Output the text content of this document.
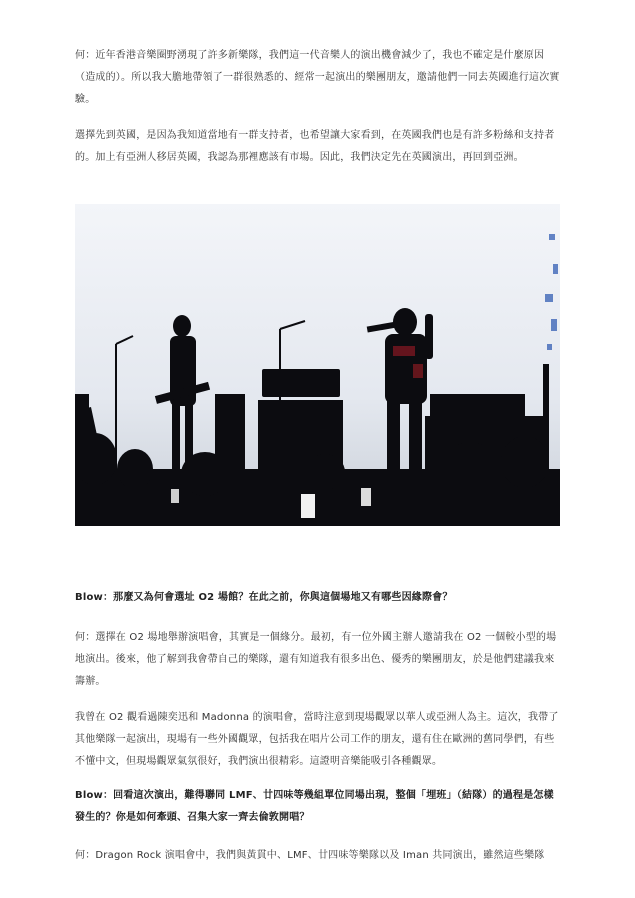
何：近年香港音樂圈野湧現了許多新樂隊，我們這一代音樂人的演出機會減少了，我也不確定是什麼原因（造成的）。所以我大膽地帶領了一群很熟悉的、經常一起演出的樂團朋友，邀請他們一同去英國進行這次實驗。

選擇先到英國，是因為我知道當地有一群支持者，也希望讓大家看到，在英國我們也是有許多粉絲和支持者的。加上有亞洲人移居英國，我認為那裡應該有市場。因此，我們決定先在英國演出，再回到亞洲。

Blow：那麼又為何會選址 O2 場館？在此之前，你與這個場地又有哪些因緣際會？

何：選擇在 O2 場地舉辦演唱會，其實是一個緣分。最初，有一位外國主辦人邀請我在 O2 一個較小型的場地演出。後來，他了解到我會帶自己的樂隊，還有知道我有很多出色、優秀的樂團朋友，於是他們建議我來籌辦。

我曾在 O2 觀看過陳奕迅和 Madonna 的演唱會，當時注意到現場觀眾以華人或亞洲人為主。這次，我帶了其他樂隊一起演出，現場有一些外國觀眾，包括我在唱片公司工作的朋友，還有住在歐洲的舊同學們，有些不懂中文，但現場觀眾氣氛很好，我們演出很精彩。這證明音樂能吸引各種觀眾。

Blow：回看這次演出，難得聯同 LMF、廿四味等幾組單位同場出現，整個「埋班」（結隊）的過程是怎樣發生的？你是如何牽頭、召集大家一齊去倫敦開唱？

何：Dragon Rock 演唱會中，我們與黃貫中、LMF、廿四味等樂隊以及 Iman 共同演出，雖然這些樂隊
